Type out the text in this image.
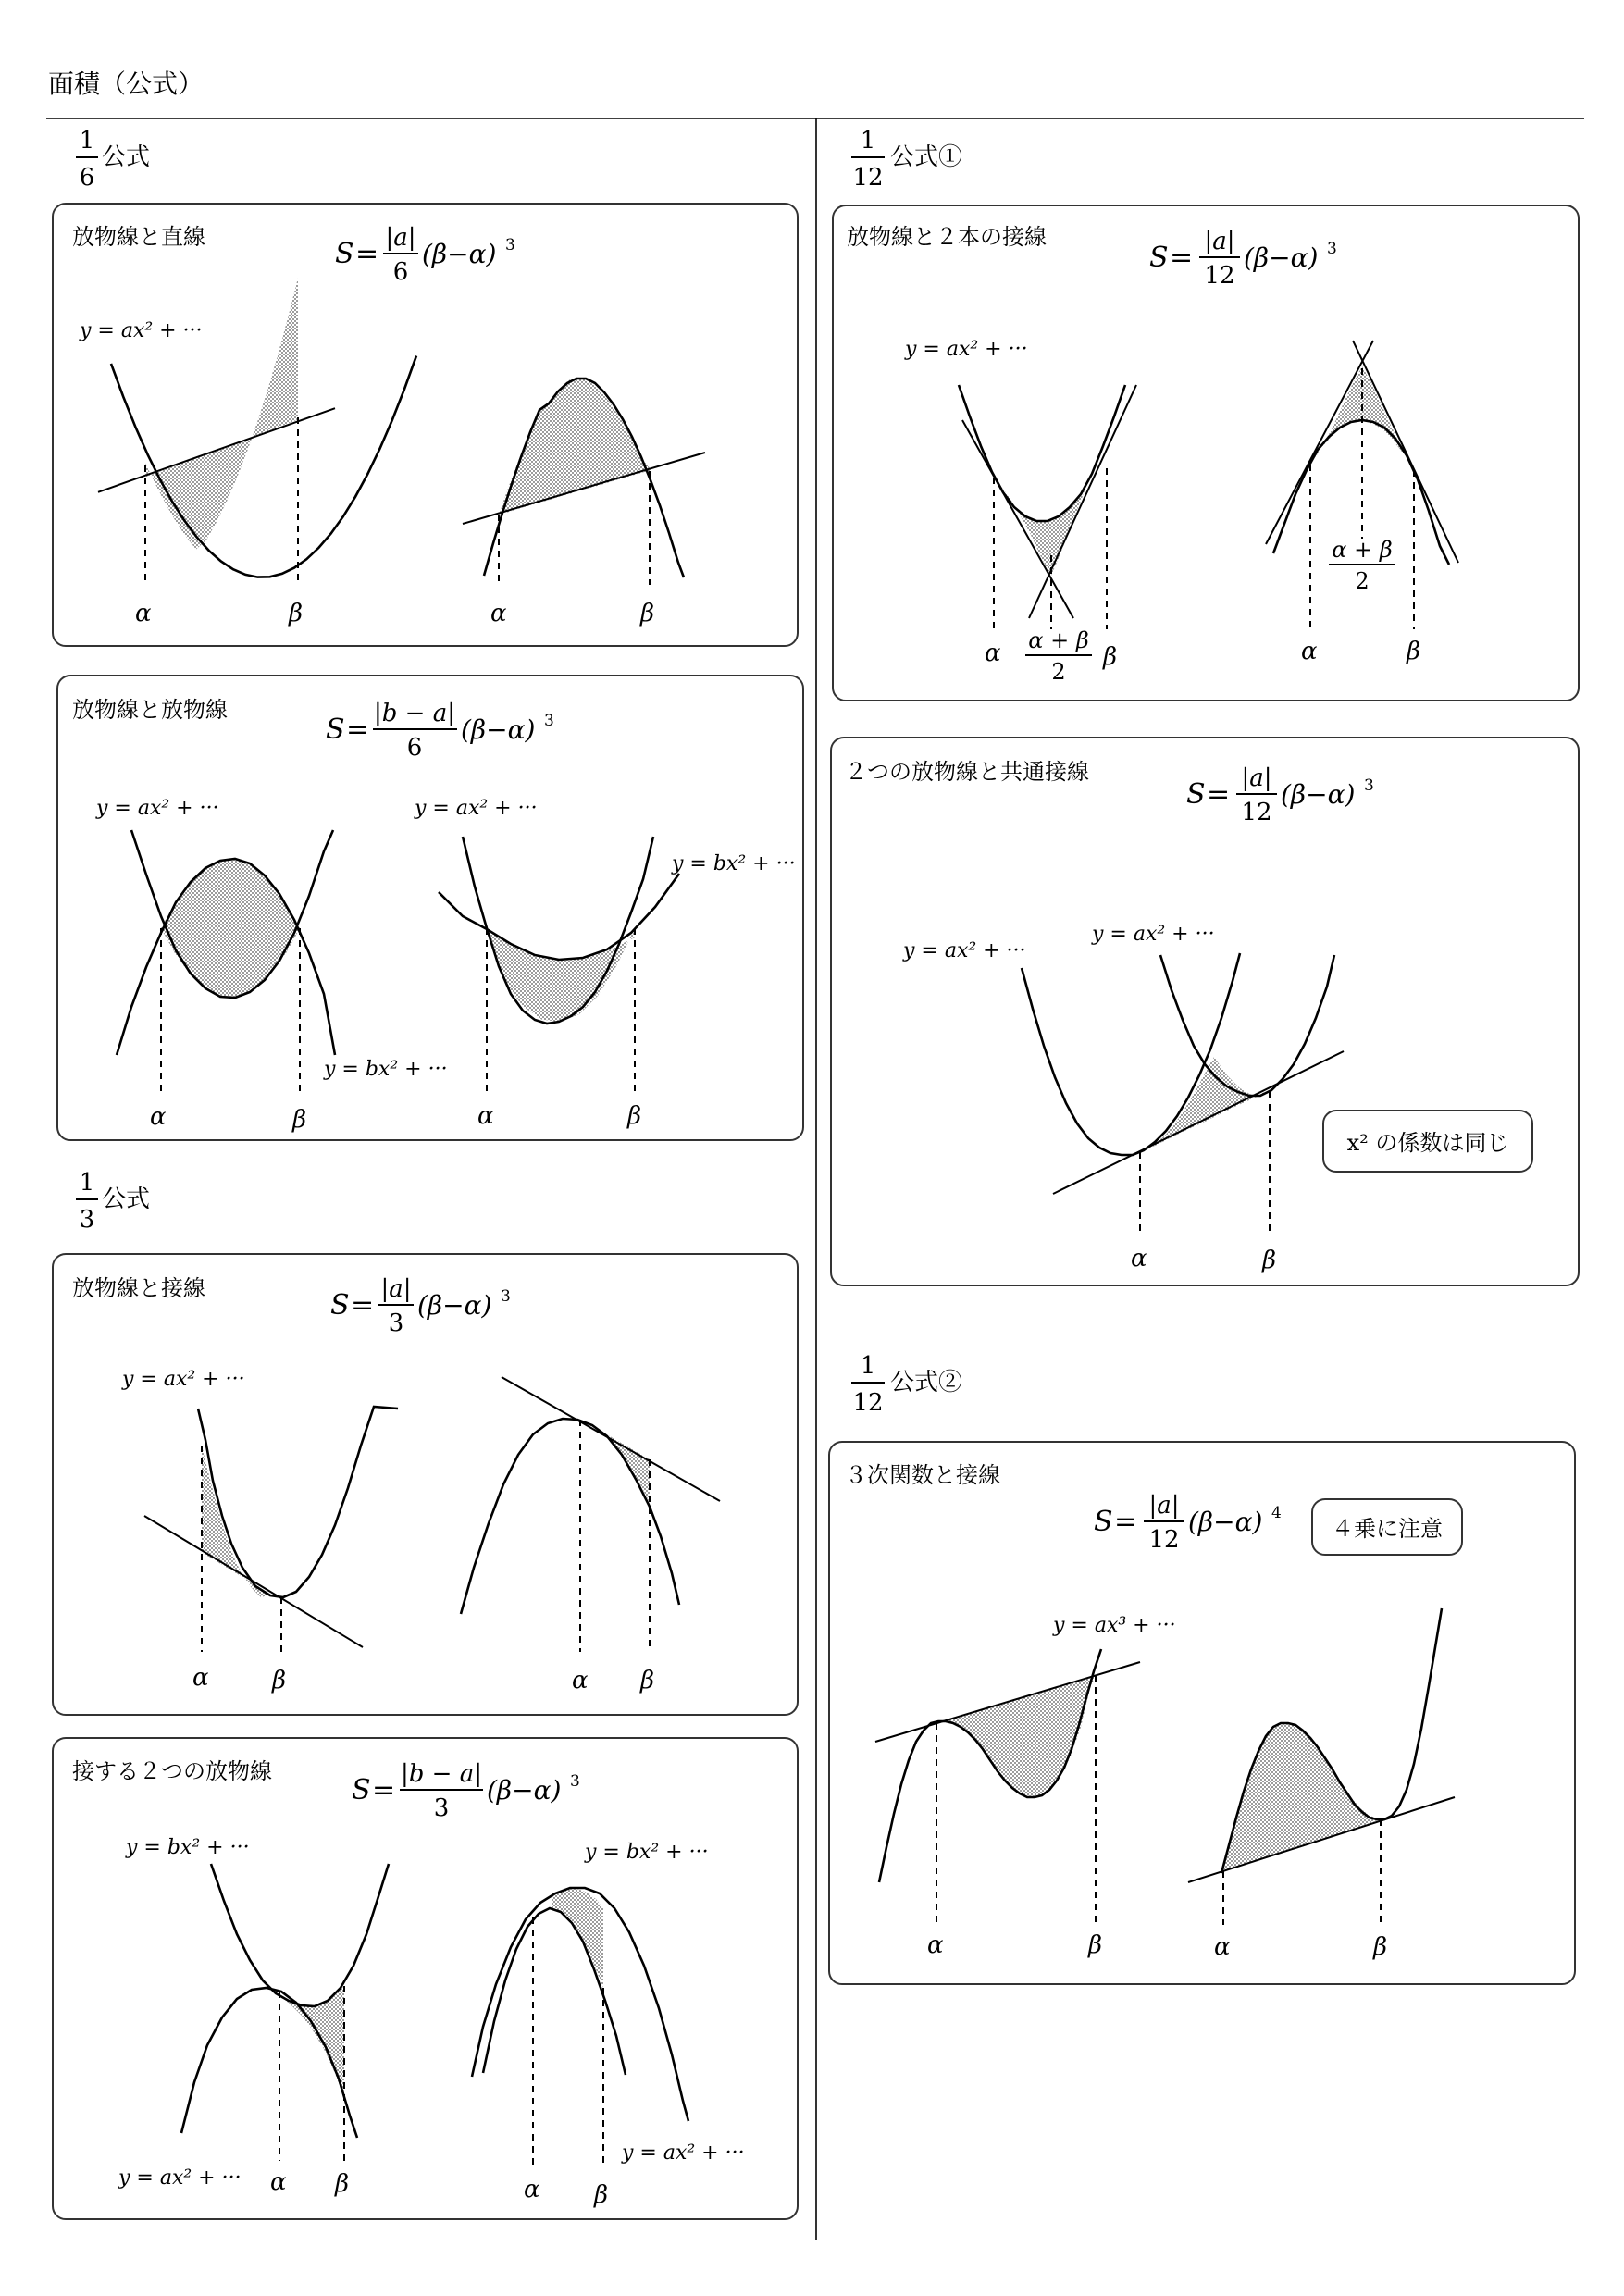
面積（公式）
1
6
公式
放物線と直線
S = |a|
6
(β−α) 3
y = ax² + ···
α	β	α	β
放物線と放物線
S = |b − a|
6
(β−α) 3
y = ax² + ···	y = ax² + ···
y = bx² + ···
y = bx² + ···
α	β	α	β
1
3
公式
放物線と接線
S = |a|
3
(β−α) 3
y = ax² + ···
α	β	α β
接する２つの放物線
S = |b − a|
3
(β−α) 3
y = bx² + ···
y = ax² + ···
y = bx² + ···
y = ax² + ···
α β	α β
1
12
公式①
放物線と２本の接線
S = |a|
12
(β−α) 3
y = ax² + ···
α	β
α + β
2
α	β
α + β
2
２つの放物線と共通接線
S = |a|
12
(β−α) 3
y = ax² + ···
y = ax² + ···
α	β
x² の係数は同じ
1
12
公式②
３次関数と接線
S = |a|
12
(β−α) 4
４乗に注意
y = ax³ + ···
α	β	α	β
